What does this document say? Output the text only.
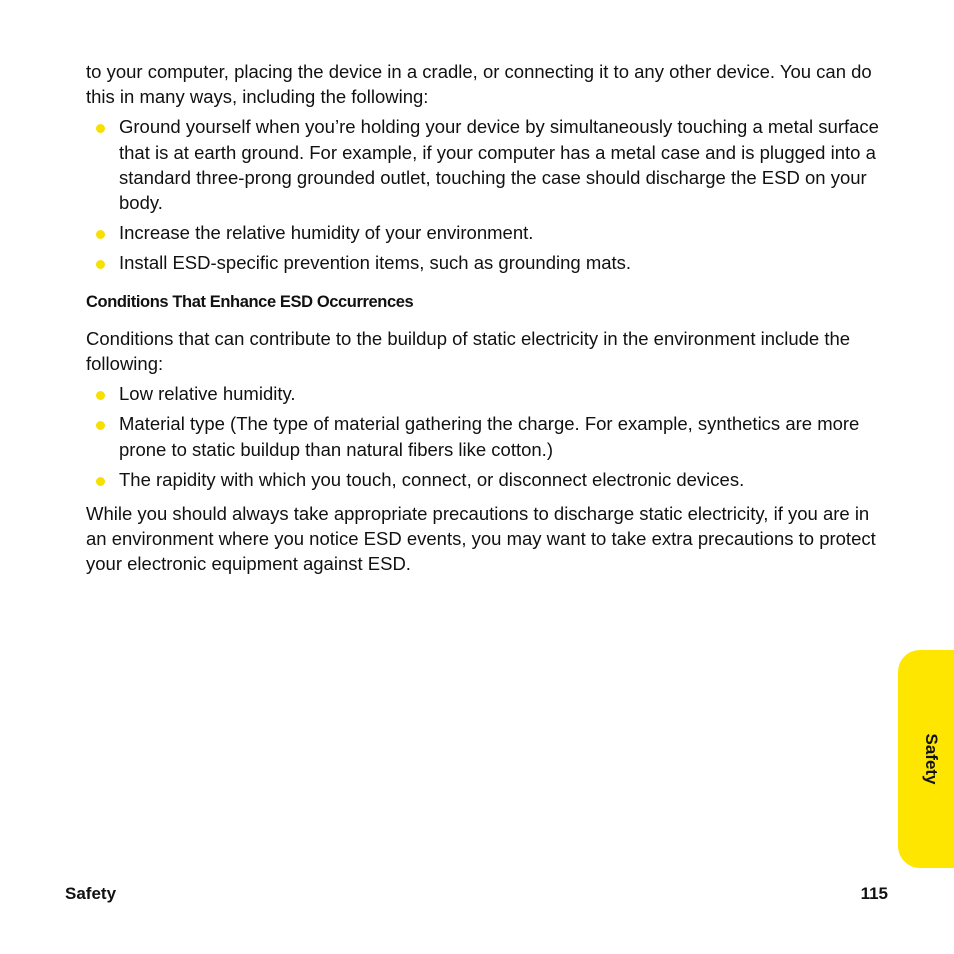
to your computer, placing the device in a cradle, or connecting it to any other device. You can do this in many ways, including the following:

Ground yourself when you’re holding your device by simultaneously touching a metal surface that is at earth ground. For example, if your computer has a metal case and is plugged into a standard three-prong grounded outlet, touching the case should discharge the ESD on your body.
Increase the relative humidity of your environment.
Install ESD-specific prevention items, such as grounding mats.

Conditions That Enhance ESD Occurrences

Conditions that can contribute to the buildup of static electricity in the environment include the following:

Low relative humidity.
Material type (The type of material gathering the charge. For example, synthetics are more prone to static buildup than natural fibers like cotton.)
The rapidity with which you touch, connect, or disconnect electronic devices.

While you should always take appropriate precautions to discharge static electricity, if you are in an environment where you notice ESD events, you may want to take extra precautions to protect your electronic equipment against ESD.

Safety
Safety	115
